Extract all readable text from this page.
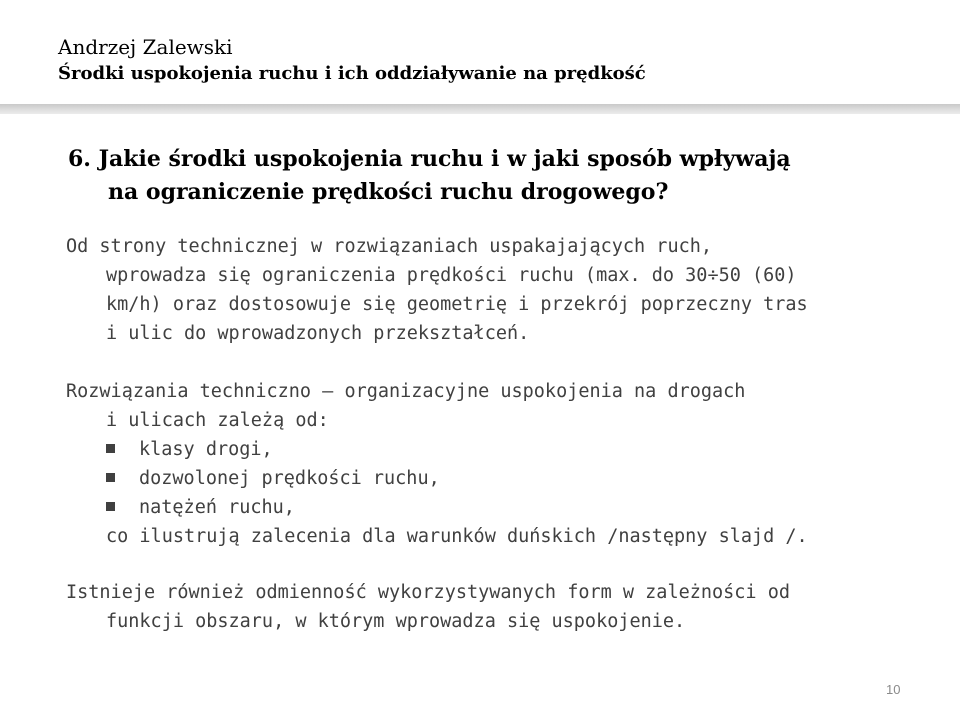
Andrzej Zalewski
Środki uspokojenia ruchu i ich oddziaływanie na prędkość
6. Jakie środki uspokojenia ruchu i w jaki sposób wpływają
na ograniczenie prędkości ruchu drogowego?
Od strony technicznej w rozwiązaniach uspakajających ruch,
wprowadza się ograniczenia prędkości ruchu (max. do 30÷50 (60)
km/h) oraz dostosowuje się geometrię i przekrój poprzeczny tras
i ulic do wprowadzonych przekształceń.
Rozwiązania techniczno – organizacyjne uspokojenia na drogach
i ulicach zależą od:
klasy drogi,
dozwolonej prędkości ruchu,
natężeń ruchu,
co ilustrują zalecenia dla warunków duńskich /następny slajd /.
Istnieje również odmienność wykorzystywanych form w zależności od
funkcji obszaru, w którym wprowadza się uspokojenie.
10
